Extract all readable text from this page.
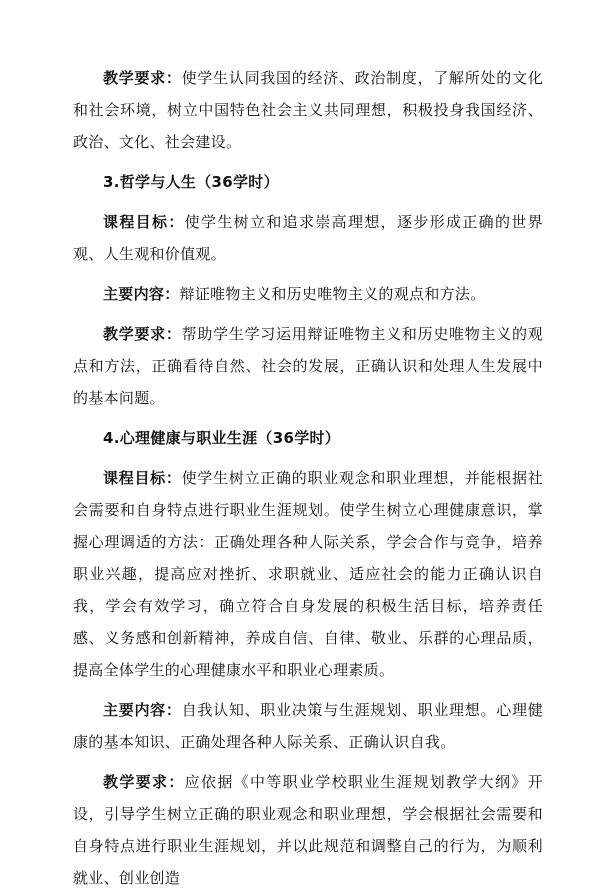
教学要求：使学生认同我国的经济、政治制度，了解所处的文化和社会环境，树立中国特色社会主义共同理想，积极投身我国经济、政治、文化、社会建设。

3.哲学与人生（36学时）

课程目标：使学生树立和追求崇高理想，逐步形成正确的世界观、人生观和价值观。

主要内容：辩证唯物主义和历史唯物主义的观点和方法。

教学要求：帮助学生学习运用辩证唯物主义和历史唯物主义的观点和方法，正确看待自然、社会的发展，正确认识和处理人生发展中的基本问题。

4.心理健康与职业生涯（36学时）

课程目标：使学生树立正确的职业观念和职业理想，并能根据社会需要和自身特点进行职业生涯规划。使学生树立心理健康意识，掌握心理调适的方法：正确处理各种人际关系，学会合作与竞争，培养职业兴趣，提高应对挫折、求职就业、适应社会的能力正确认识自我，学会有效学习，确立符合自身发展的积极生活目标，培养责任感、义务感和创新精神，养成自信、自律、敬业、乐群的心理品质，提高全体学生的心理健康水平和职业心理素质。

主要内容：自我认知、职业决策与生涯规划、职业理想。心理健康的基本知识、正确处理各种人际关系、正确认识自我。

教学要求：应依据《中等职业学校职业生涯规划教学大纲》开设，引导学生树立正确的职业观念和职业理想，学会根据社会需要和自身特点进行职业生涯规划，并以此规范和调整自己的行为，为顺利就业、创业创造
